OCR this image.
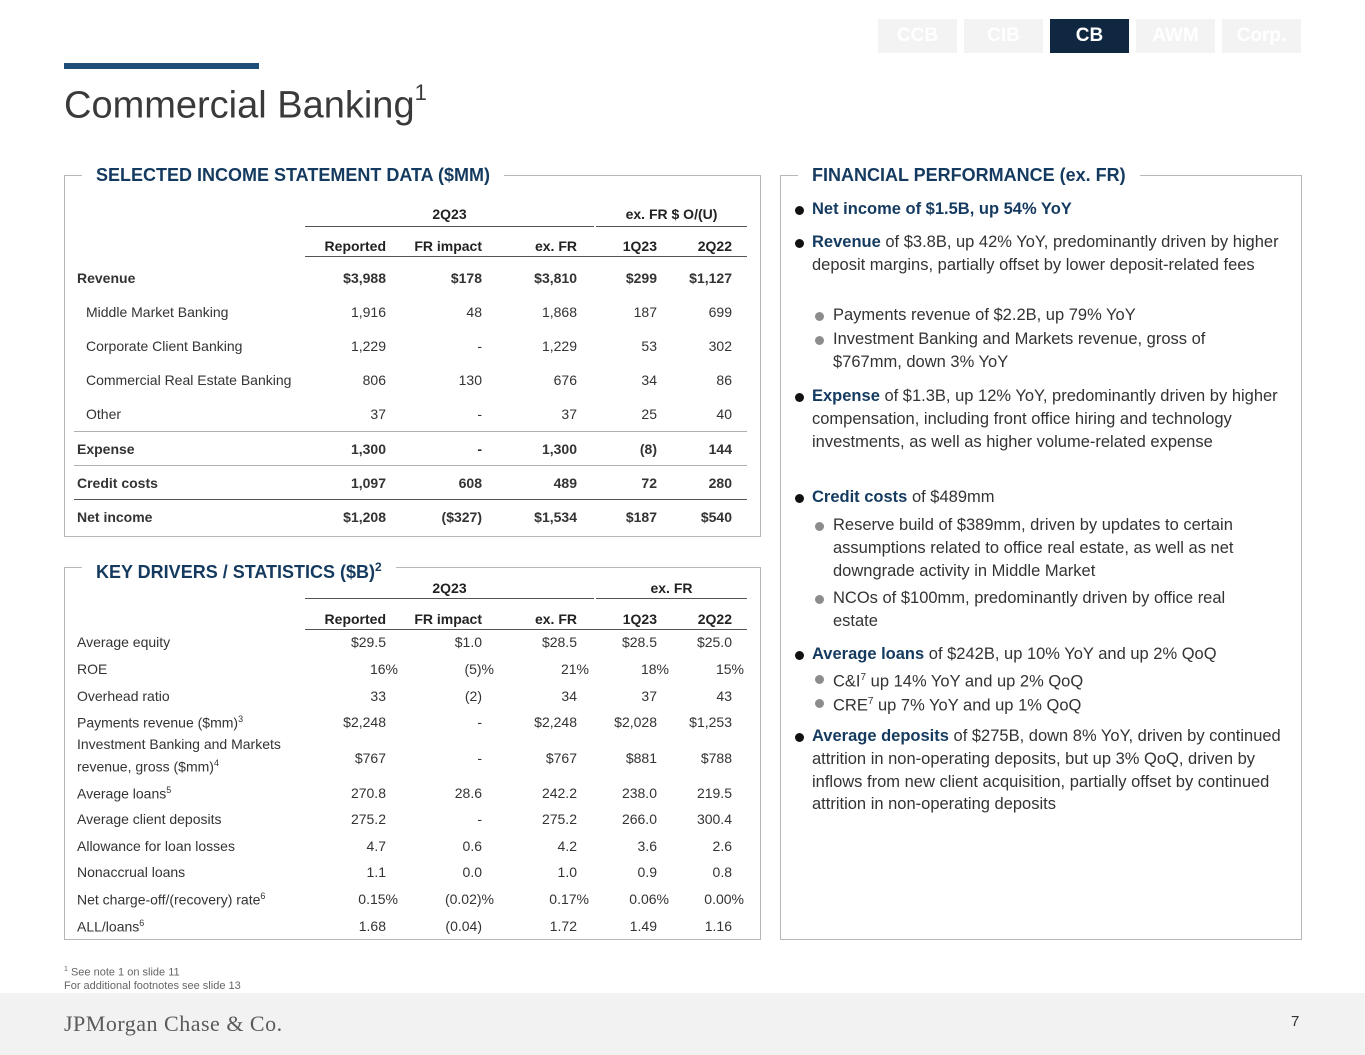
CCB	CIB	CB	AWM	Corp.
Commercial Banking$^1$
SELECTED INCOME STATEMENT DATA ($MM)
2Q23	ex. FR $ O/(U)
Reported	FR impact	ex. FR	1Q23	2Q22
Revenue	$3,988	$178	$3,810	$299	$1,127
Middle Market Banking	1,916	48	1,868	187	699
Corporate Client Banking	1,229	-	1,229	53	302
Commercial Real Estate Banking	806	130	676	34	86
Other	37	-	37	25	40
Expense	1,300	-	1,300	(8)	144
Credit costs	1,097	608	489	72	280
Net income	$1,208	($327)	$1,534	$187	$540
KEY DRIVERS / STATISTICS ($B)$^2$
2Q23	ex. FR
Reported	FR impact	ex. FR	1Q23	2Q22
Average equity	$29.5	$1.0	$28.5	$28.5	$25.0
ROE	16%	(5)%	21%	18%	15%
Overhead ratio	33	(2)	34	37	43
Payments revenue ($mm)$^3$	$2,248	-	$2,248	$2,028	$1,253
Investment Banking and Markets
revenue, gross ($mm)$^4$	$767	-	$767	$881	$788
Average loans$^5$	270.8	28.6	242.2	238.0	219.5
Average client deposits	275.2	-	275.2	266.0	300.4
Allowance for loan losses	4.7	0.6	4.2	3.6	2.6
Nonaccrual loans	1.1	0.0	1.0	0.9	0.8
Net charge-off/(recovery) rate$^6$	0.15%	(0.02)%	0.17%	0.06%	0.00%
ALL/loans$^6$	1.68	(0.04)	1.72	1.49	1.16
FINANCIAL PERFORMANCE (ex. FR)
Net income of $1.5B, up 54% YoY
Revenue of $3.8B, up 42% YoY, predominantly driven by higher deposit margins, partially offset by lower deposit-related fees
Payments revenue of $2.2B, up 79% YoY
Investment Banking and Markets revenue, gross of $767mm, down 3% YoY
Expense of $1.3B, up 12% YoY, predominantly driven by higher compensation, including front office hiring and technology investments, as well as higher volume-related expense
Credit costs of $489mm
Reserve build of $389mm, driven by updates to certain assumptions related to office real estate, as well as net downgrade activity in Middle Market
NCOs of $100mm, predominantly driven by office real estate
Average loans of $242B, up 10% YoY and up 2% QoQ
$C\&I^7$ up 14% YoY and up 2% QoQ
CRE$^7$ up 7% YoY and up 1% QoQ
Average deposits of $275B, down 8% YoY, driven by continued attrition in non-operating deposits, but up 3% QoQ, driven by inflows from new client acquisition, partially offset by continued attrition in non-operating deposits
$^1$ See note 1 on slide 11
For additional footnotes see slide 13
JPMorgan Chase & Co.	7
